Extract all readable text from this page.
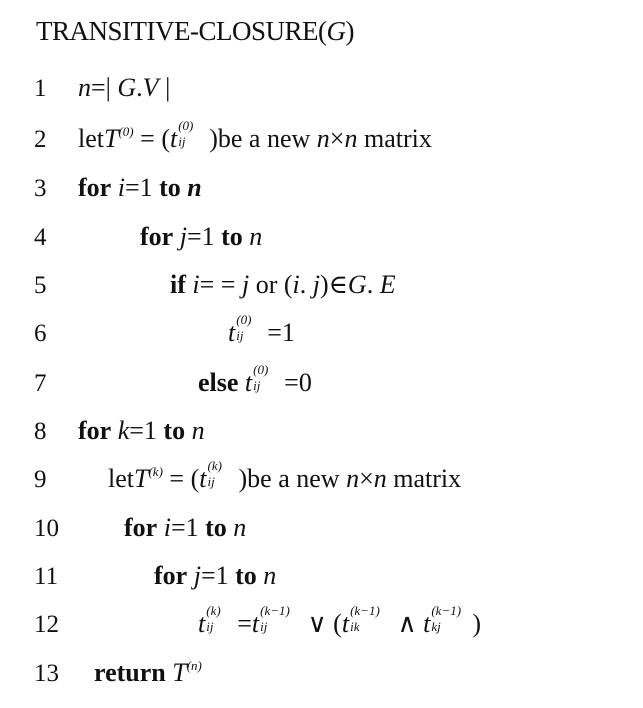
TRANSITIVE-CLOSURE(G)
1
2
3
4
5
6
7
8
9
10
11
12
13
n=| G.V |
letT$^{(0)}$ = (t (0)
ij )be a new n×n matrix
for i=1 to n
for j=1 to n
if i= = j or (i. j)∈G. E
t (0)
ij =1
else t (0)
ij =0
for k=1 to n
letT$^{(k)}$ = (t (k)
ij )be a new n×n matrix
for i=1 to n
for j=1 to n
t (k)
ij =t (k−1)
ij ∨ (t (k−1)
ik ∧ t (k−1)
kj )
return $T^{(n)}$
